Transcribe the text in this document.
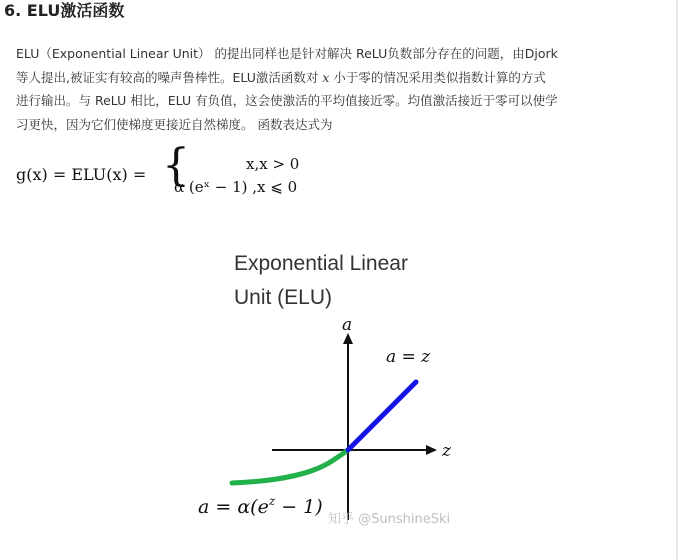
6. ELU激活函数

ELU（Exponential Linear Unit） 的提出同样也是针对解决 ReLU负数部分存在的问题，由Djork

等人提出,被证实有较高的噪声鲁棒性。ELU激活函数对 x 小于零的情况采用类似指数计算的方式

进行输出。与 ReLU 相比，ELU 有负值，这会使激活的平均值接近零。均值激活接近于零可以使学

习更快，因为它们使梯度更接近自然梯度。 函数表达式为

g(x) = ELU(x) = {	x,x > 0
α (eˣ − 1) ,x ⩽ 0
Exponential Linear
Unit (ELU)
a
z
a = z
$a = \alpha(e^z - 1)$
知乎 @SunshineSki
